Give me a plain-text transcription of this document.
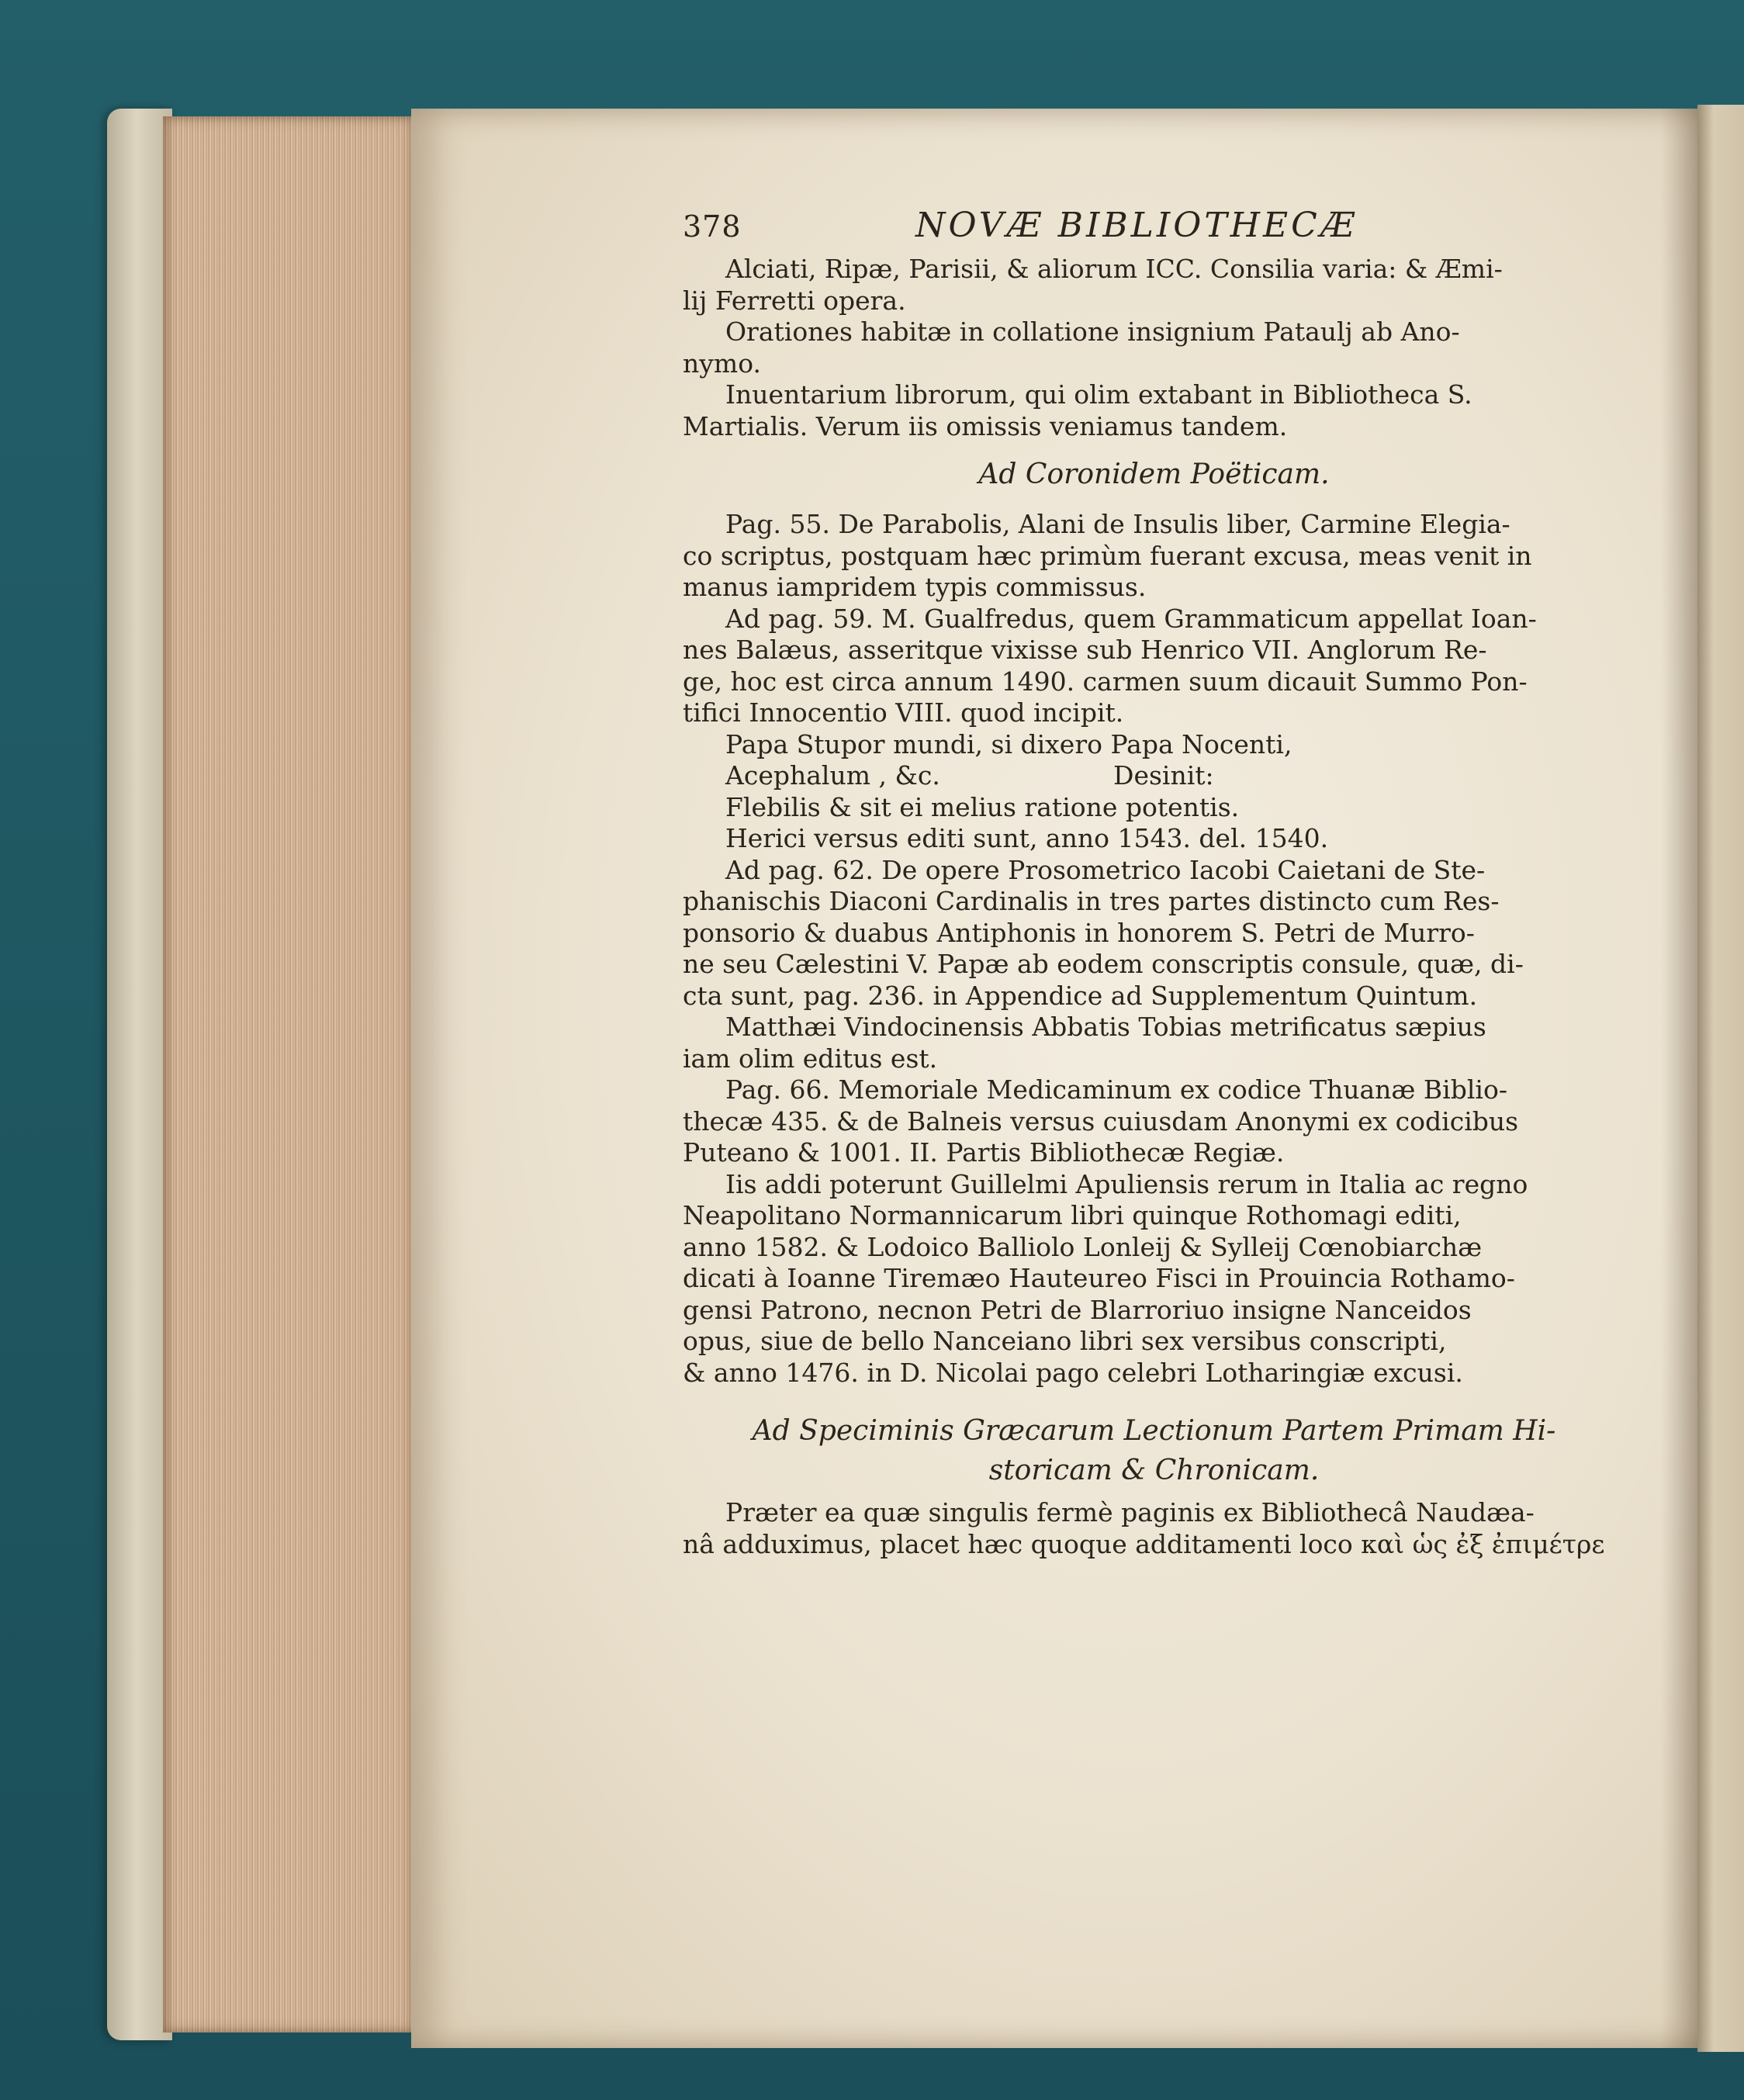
378	NOVÆ BIBLIOTHECÆ
Alciati, Ripæ, Parisii, & aliorum ICC. Consilia varia: & Æmi-
lij Ferretti opera.
Orationes habitæ in collatione insignium Pataulj ab Ano-
nymo.
Inuentarium librorum, qui olim extabant in Bibliotheca S.
Martialis. Verum iis omissis veniamus tandem.
Ad Coronidem Poëticam.
Pag. 55. De Parabolis, Alani de Insulis liber, Carmine Elegia-
co scriptus, postquam hæc primùm fuerant excusa, meas venit in
manus iampridem typis commissus.
Ad pag. 59. M. Gualfredus, quem Grammaticum appellat Ioan-
nes Balæus, asseritque vixisse sub Henrico VII. Anglorum Re-
ge, hoc est circa annum 1490. carmen suum dicauit Summo Pon-
tifici Innocentio VIII. quod incipit.
Papa Stupor mundi, si dixero Papa Nocenti,
Acephalum , &c.	Desinit:
Flebilis & sit ei melius ratione potentis.
Herici versus editi sunt, anno 1543. del. 1540.
Ad pag. 62. De opere Prosometrico Iacobi Caietani de Ste-
phanischis Diaconi Cardinalis in tres partes distincto cum Res-
ponsorio & duabus Antiphonis in honorem S. Petri de Murro-
ne seu Cælestini V. Papæ ab eodem conscriptis consule, quæ, di-
cta sunt, pag. 236. in Appendice ad Supplementum Quintum.
Matthæi Vindocinensis Abbatis Tobias metrificatus sæpius
iam olim editus est.
Pag. 66. Memoriale Medicaminum ex codice Thuanæ Biblio-
thecæ 435. & de Balneis versus cuiusdam Anonymi ex codicibus
Puteano & 1001. II. Partis Bibliothecæ Regiæ.
Iis addi poterunt Guillelmi Apuliensis rerum in Italia ac regno
Neapolitano Normannicarum libri quinque Rothomagi editi,
anno 1582. & Lodoico Balliolo Lonleij & Sylleij Cœnobiarchæ
dicati à Ioanne Tiremæo Hauteureo Fisci in Prouincia Rothamo-
gensi Patrono, necnon Petri de Blarroriuo insigne Nanceidos
opus, siue de bello Nanceiano libri sex versibus conscripti,
& anno 1476. in D. Nicolai pago celebri Lotharingiæ excusi.
Ad Speciminis Græcarum Lectionum Partem Primam Hi-
storicam & Chronicam.
Præter ea quæ singulis fermè paginis ex Bibliothecâ Naudæa-
nâ adduximus, placet hæc quoque additamenti loco καὶ ὡς ἐξ ἐπιμέτρε
